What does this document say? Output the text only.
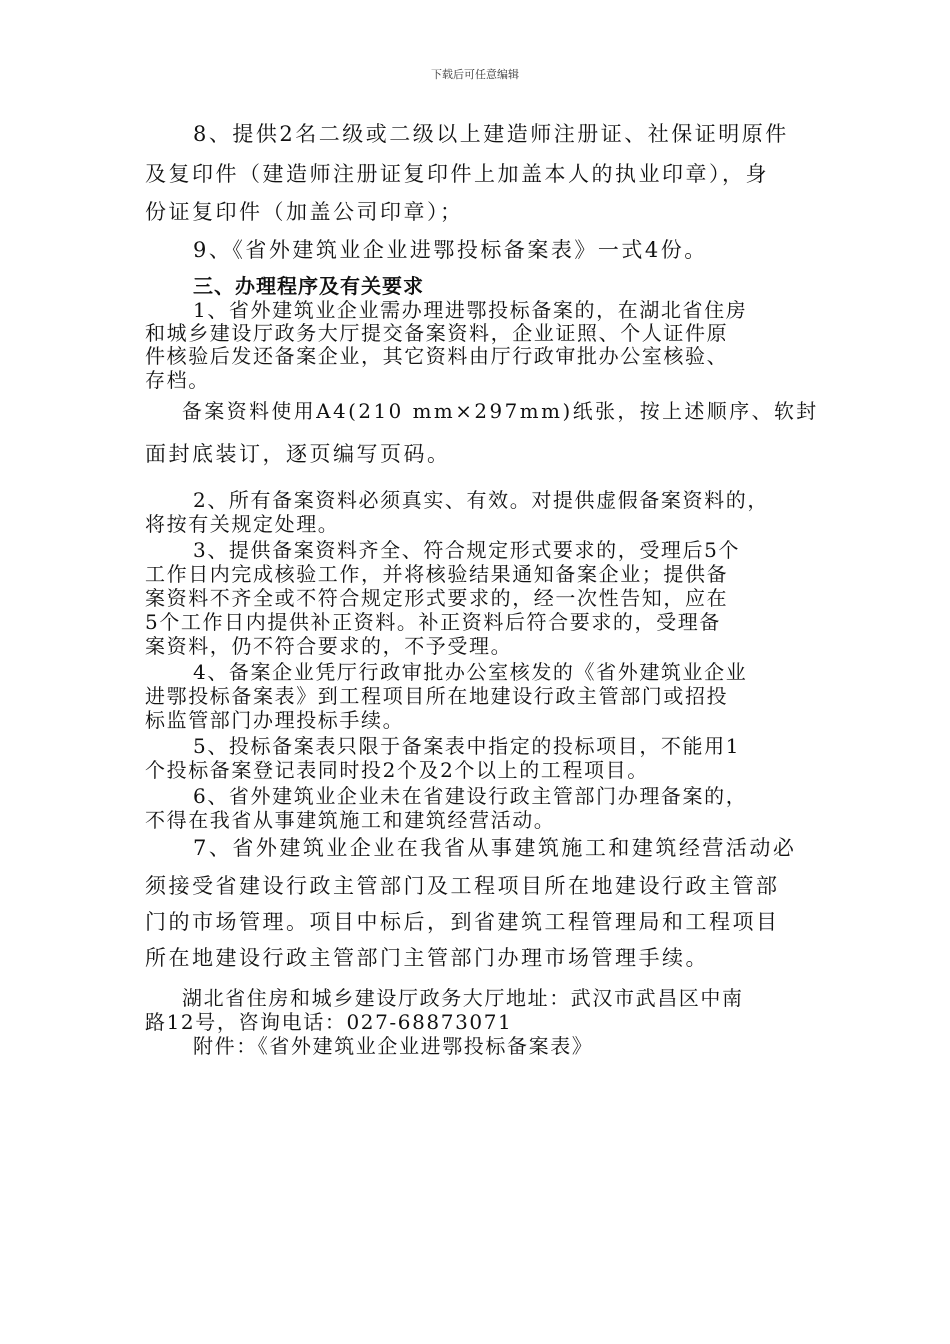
下载后可任意编辑
8、提供2名二级或二级以上建造师注册证、社保证明原件
及复印件（建造师注册证复印件上加盖本人的执业印章），身
份证复印件（加盖公司印章）；
9、《省外建筑业企业进鄂投标备案表》一式4份。
三、办理程序及有关要求
1、省外建筑业企业需办理进鄂投标备案的，在湖北省住房
和城乡建设厅政务大厅提交备案资料，企业证照、个人证件原
件核验后发还备案企业，其它资料由厅行政审批办公室核验、
存档。
备案资料使用A4(210 mm×297mm)纸张，按上述顺序、软封
面封底装订，逐页编写页码。
2、所有备案资料必须真实、有效。对提供虚假备案资料的，
将按有关规定处理。
3、提供备案资料齐全、符合规定形式要求的，受理后5个
工作日内完成核验工作，并将核验结果通知备案企业；提供备
案资料不齐全或不符合规定形式要求的，经一次性告知，应在
5个工作日内提供补正资料。补正资料后符合要求的，受理备
案资料，仍不符合要求的，不予受理。
4、备案企业凭厅行政审批办公室核发的《省外建筑业企业
进鄂投标备案表》到工程项目所在地建设行政主管部门或招投
标监管部门办理投标手续。
5、投标备案表只限于备案表中指定的投标项目，不能用1
个投标备案登记表同时投2个及2个以上的工程项目。
6、省外建筑业企业未在省建设行政主管部门办理备案的，
不得在我省从事建筑施工和建筑经营活动。
7、省外建筑业企业在我省从事建筑施工和建筑经营活动必
须接受省建设行政主管部门及工程项目所在地建设行政主管部
门的市场管理。项目中标后，到省建筑工程管理局和工程项目
所在地建设行政主管部门主管部门办理市场管理手续。
湖北省住房和城乡建设厅政务大厅地址：武汉市武昌区中南
路12号，咨询电话：027-68873071
附件：《省外建筑业企业进鄂投标备案表》
